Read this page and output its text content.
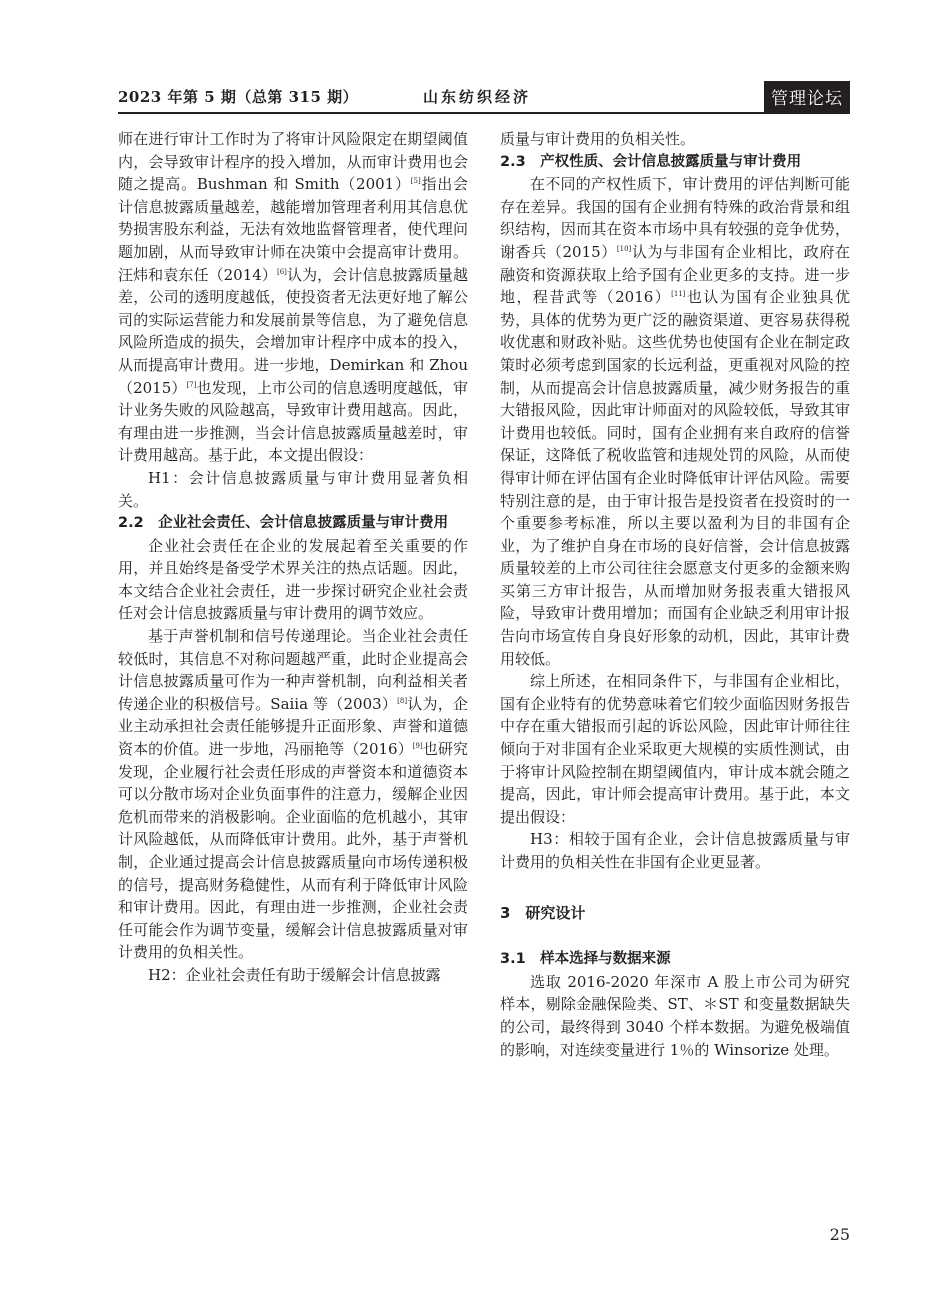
2023 年第 5 期（总第 315 期）	山东纺织经济	管理论坛

师在进行审计工作时为了将审计风险限定在期望阈值内，会导致审计程序的投入增加，从而审计费用也会随之提高。Bushman 和 Smith（2001）[5]指出会计信息披露质量越差，越能增加管理者利用其信息优势损害股东利益，无法有效地监督管理者，使代理问题加剧，从而导致审计师在决策中会提高审计费用。汪炜和袁东任（2014）[6]认为，会计信息披露质量越差，公司的透明度越低，使投资者无法更好地了解公司的实际运营能力和发展前景等信息，为了避免信息风险所造成的损失，会增加审计程序中成本的投入，从而提高审计费用。进一步地，Demirkan 和 Zhou（2015）[7]也发现，上市公司的信息透明度越低，审计业务失败的风险越高，导致审计费用越高。因此，有理由进一步推测，当会计信息披露质量越差时，审计费用越高。基于此，本文提出假设：

H1：会计信息披露质量与审计费用显著负相关。

2.2　企业社会责任、会计信息披露质量与审计费用

企业社会责任在企业的发展起着至关重要的作用，并且始终是备受学术界关注的热点话题。因此，本文结合企业社会责任，进一步探讨研究企业社会责任对会计信息披露质量与审计费用的调节效应。

基于声誉机制和信号传递理论。当企业社会责任较低时，其信息不对称问题越严重，此时企业提高会计信息披露质量可作为一种声誉机制，向利益相关者传递企业的积极信号。Saiia 等（2003）[8]认为，企业主动承担社会责任能够提升正面形象、声誉和道德资本的价值。进一步地，冯丽艳等（2016）[9]也研究发现，企业履行社会责任形成的声誉资本和道德资本可以分散市场对企业负面事件的注意力，缓解企业因危机而带来的消极影响。企业面临的危机越小，其审计风险越低，从而降低审计费用。此外，基于声誉机制，企业通过提高会计信息披露质量向市场传递积极的信号，提高财务稳健性，从而有利于降低审计风险和审计费用。因此，有理由进一步推测，企业社会责任可能会作为调节变量，缓解会计信息披露质量对审计费用的负相关性。

H2：企业社会责任有助于缓解会计信息披露

质量与审计费用的负相关性。

2.3　产权性质、会计信息披露质量与审计费用

在不同的产权性质下，审计费用的评估判断可能存在差异。我国的国有企业拥有特殊的政治背景和组织结构，因而其在资本市场中具有较强的竞争优势，谢香兵（2015）[10]认为与非国有企业相比，政府在融资和资源获取上给予国有企业更多的支持。进一步地，程昔武等（2016）[11]也认为国有企业独具优势，具体的优势为更广泛的融资渠道、更容易获得税收优惠和财政补贴。这些优势也使国有企业在制定政策时必须考虑到国家的长远利益，更重视对风险的控制，从而提高会计信息披露质量，减少财务报告的重大错报风险，因此审计师面对的风险较低，导致其审计费用也较低。同时，国有企业拥有来自政府的信誉保证，这降低了税收监管和违规处罚的风险，从而使得审计师在评估国有企业时降低审计评估风险。需要特别注意的是，由于审计报告是投资者在投资时的一个重要参考标准，所以主要以盈利为目的非国有企业，为了维护自身在市场的良好信誉，会计信息披露质量较差的上市公司往往会愿意支付更多的金额来购买第三方审计报告，从而增加财务报表重大错报风险，导致审计费用增加；而国有企业缺乏利用审计报告向市场宣传自身良好形象的动机，因此，其审计费用较低。

综上所述，在相同条件下，与非国有企业相比，国有企业特有的优势意味着它们较少面临因财务报告中存在重大错报而引起的诉讼风险，因此审计师往往倾向于对非国有企业采取更大规模的实质性测试，由于将审计风险控制在期望阈值内，审计成本就会随之提高，因此，审计师会提高审计费用。基于此，本文提出假设：

H3：相较于国有企业，会计信息披露质量与审计费用的负相关性在非国有企业更显著。

3　研究设计

3.1　样本选择与数据来源

选取 2016-2020 年深市 A 股上市公司为研究样本，剔除金融保险类、ST、＊ST 和变量数据缺失的公司，最终得到 3040 个样本数据。为避免极端值的影响，对连续变量进行 1％的 Winsorize 处理。

25
